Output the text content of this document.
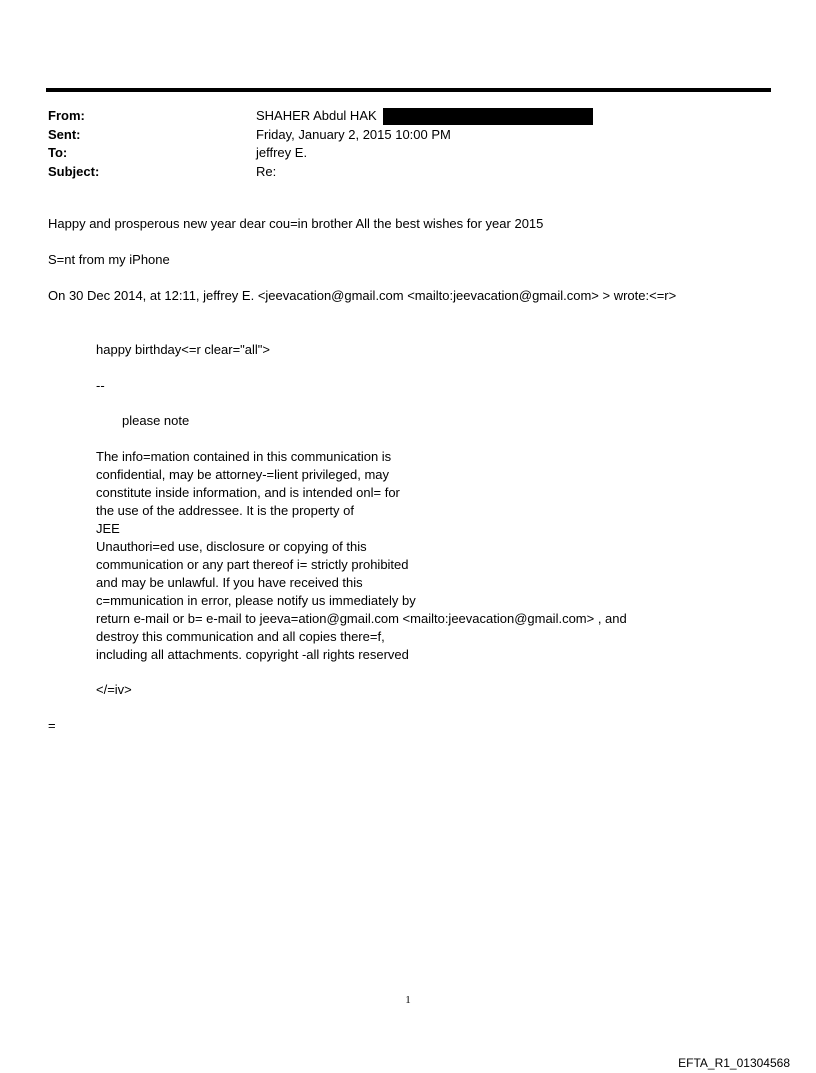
From:	SHAHER Abdul HAK
Sent:	Friday, January 2, 2015 10:00 PM
To:	jeffrey E.
Subject:	Re:
Happy and prosperous new year dear cou=in brother All the best wishes for year 2015
S=nt from my iPhone
On 30 Dec 2014, at 12:11, jeffrey E. <jeevacation@gmail.com <mailto:jeevacation@gmail.com> > wrote:<=r>
happy birthday<=r clear="all">
--
please note
The info=mation contained in this communication is
confidential, may be attorney-=lient privileged, may
constitute inside information, and is intended onl= for
the use of the addressee. It is the property of
JEE
Unauthori=ed use, disclosure or copying of this
communication or any part thereof i= strictly prohibited
and may be unlawful. If you have received this
c=mmunication in error, please notify us immediately by
return e-mail or b= e-mail to jeeva=ation@gmail.com <mailto:jeevacation@gmail.com> , and
destroy this communication and all copies there=f,
including all attachments. copyright -all rights reserved
</=iv>
=
1
EFTA_R1_01304568
